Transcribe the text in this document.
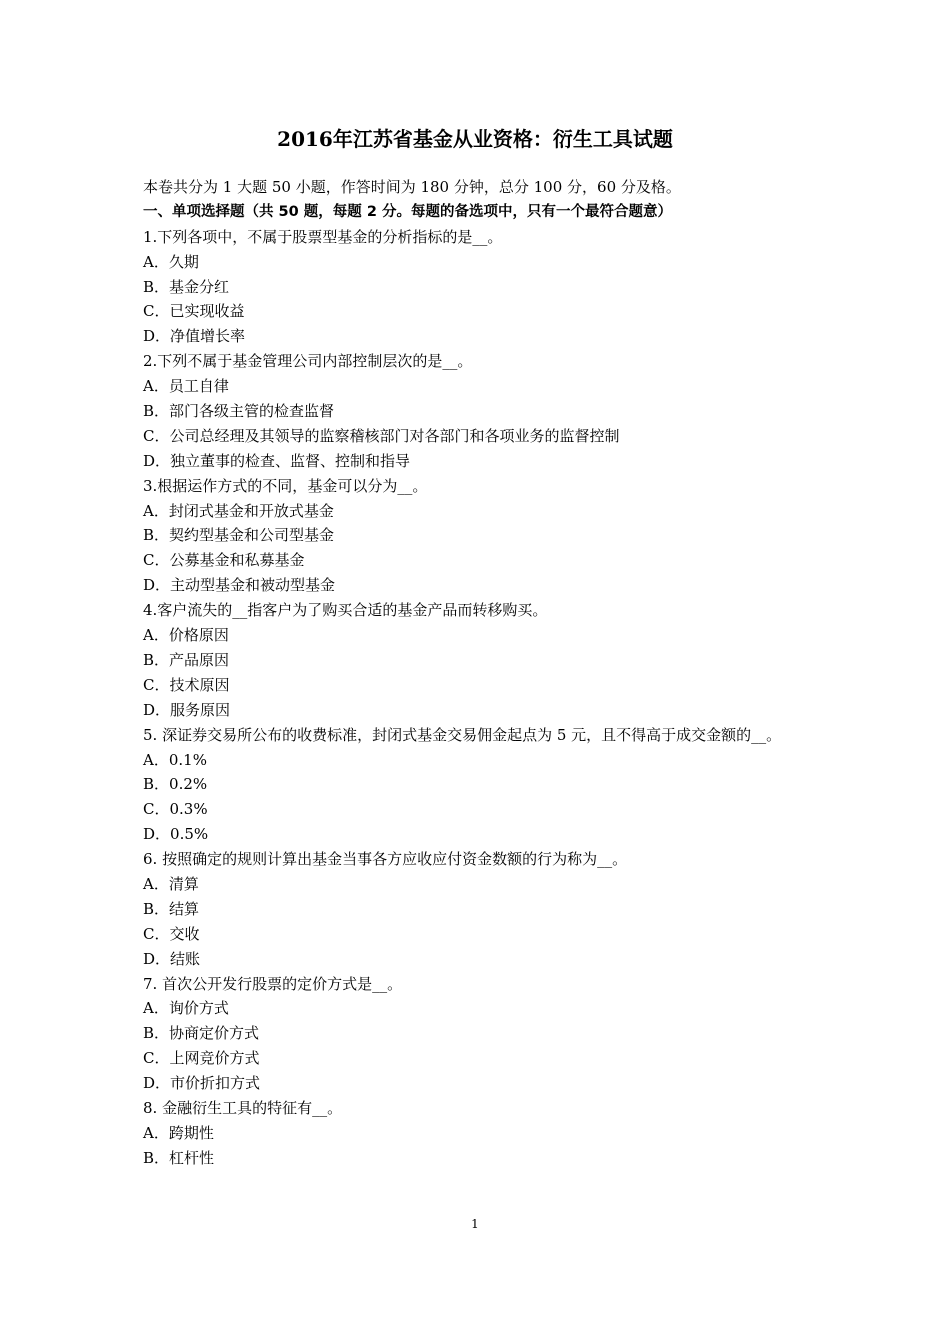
2016年江苏省基金从业资格：衍生工具试题
本卷共分为 1 大题 50 小题，作答时间为 180 分钟，总分 100 分，60 分及格。
一、单项选择题（共 50 题，每题 2 分。每题的备选项中，只有一个最符合题意）
1.下列各项中，不属于股票型基金的分析指标的是__。
A．久期
B．基金分红
C．已实现收益
D．净值增长率
2.下列不属于基金管理公司内部控制层次的是__。
A．员工自律
B．部门各级主管的检查监督
C．公司总经理及其领导的监察稽核部门对各部门和各项业务的监督控制
D．独立董事的检查、监督、控制和指导
3.根据运作方式的不同，基金可以分为__。
A．封闭式基金和开放式基金
B．契约型基金和公司型基金
C．公募基金和私募基金
D．主动型基金和被动型基金
4.客户流失的__指客户为了购买合适的基金产品而转移购买。
A．价格原因
B．产品原因
C．技术原因
D．服务原因
5. 深证券交易所公布的收费标准，封闭式基金交易佣金起点为 5 元，且不得高于成交金额的__。
A．0.1%
B．0.2%
C．0.3%
D．0.5%
6. 按照确定的规则计算出基金当事各方应收应付资金数额的行为称为__。
A．清算
B．结算
C．交收
D．结账
7. 首次公开发行股票的定价方式是__。
A．询价方式
B．协商定价方式
C．上网竞价方式
D．市价折扣方式
8. 金融衍生工具的特征有__。
A．跨期性
B．杠杆性
1
